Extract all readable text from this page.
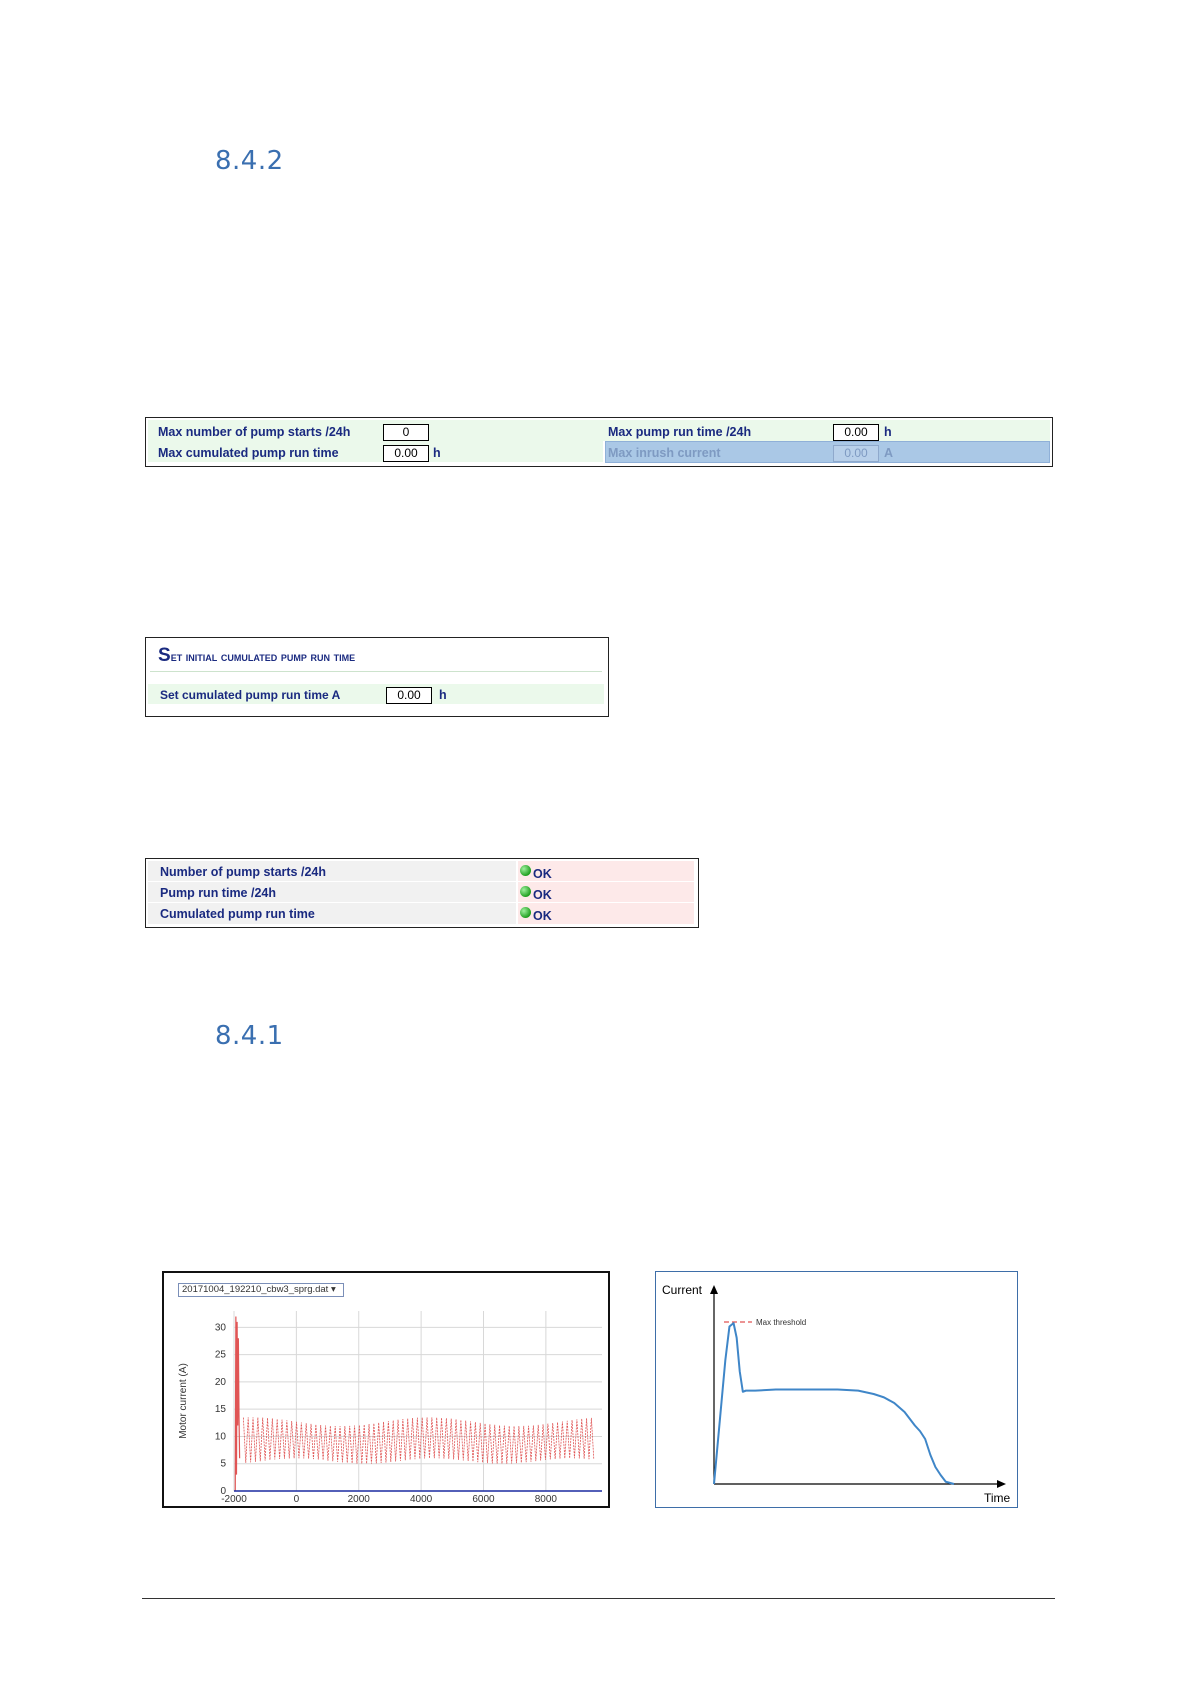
8.4.2
8.4.1
Max number of pump starts /24h	0	Max pump run time /24h	0.00	h
Max cumulated pump run time	0.00	h	Max inrush current	0.00	A
Set initial cumulated pump run time
Set cumulated pump run time A	0.00	h
Number of pump starts /24h	OK
Pump run time /24h	OK
Cumulated pump run time	OK
20171004_192210_cbw3_sprg.dat ▾
-2000	0	2000	4000	6000	8000
0
5
10
15
20
25
30
Motor current (A)
Current
Time
Max threshold
